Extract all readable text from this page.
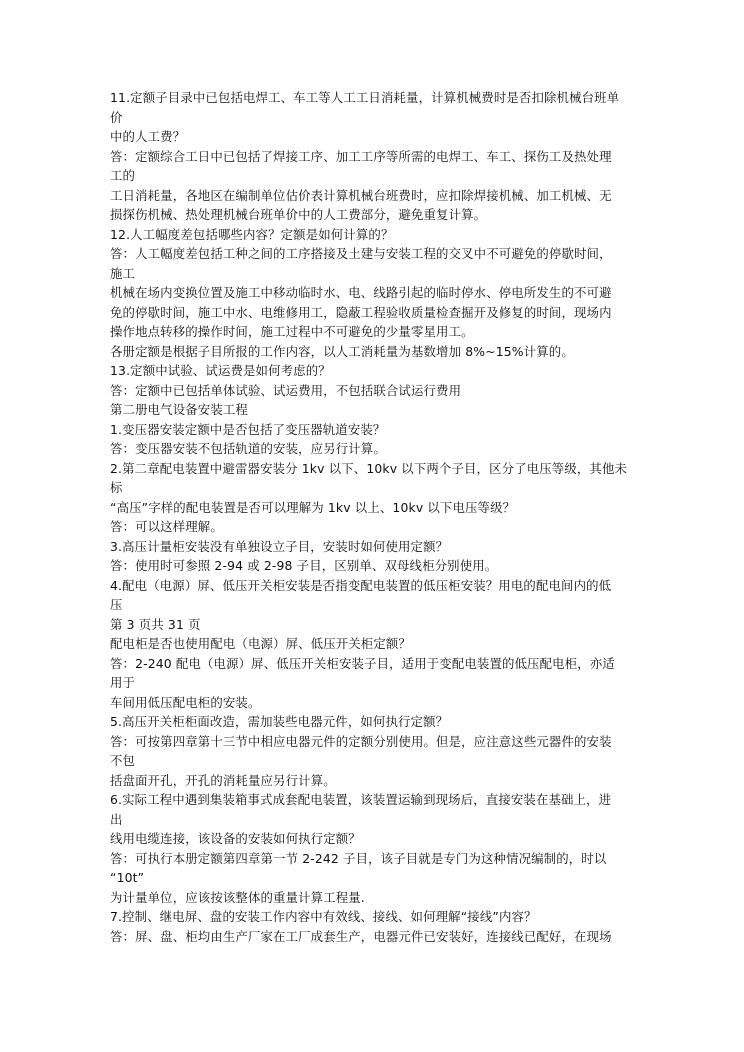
11.定额子目录中已包括电焊工、车工等人工工日消耗量，计算机械费时是否扣除机械台班单
价
中的人工费？
答：定额综合工日中已包括了焊接工序、加工工序等所需的电焊工、车工、探伤工及热处理
工的
工日消耗量，各地区在编制单位估价表计算机械台班费时，应扣除焊接机械、加工机械、无
损探伤机械、热处理机械台班单价中的人工费部分，避免重复计算。
12.人工幅度差包括哪些内容？定额是如何计算的？
答：人工幅度差包括工种之间的工序搭接及土建与安装工程的交叉中不可避免的停歇时间，
施工
机械在场内变换位置及施工中移动临时水、电、线路引起的临时停水、停电所发生的不可避
免的停歇时间，施工中水、电维修用工，隐蔽工程验收质量检查掘开及修复的时间，现场内
操作地点转移的操作时间，施工过程中不可避免的少量零星用工。
各册定额是根据子目所报的工作内容，以人工消耗量为基数增加 8%~15%计算的。
13.定额中试验、试运费是如何考虑的？
答：定额中已包括单体试验、试运费用，不包括联合试运行费用
第二册电气设备安装工程
1.变压器安装定额中是否包括了变压器轨道安装？
答：变压器安装不包括轨道的安装，应另行计算。
2.第二章配电装置中避雷器安装分 1kv 以下、10kv 以下两个子目，区分了电压等级，其他未
标
“高压”字样的配电装置是否可以理解为 1kv 以上、10kv 以下电压等级？
答：可以这样理解。
3.高压计量柜安装没有单独设立子目，安装时如何使用定额？
答：使用时可参照 2-94 或 2-98 子目，区别单、双母线柜分别使用。
4.配电（电源）屏、低压开关柜安装是否指变配电装置的低压柜安装？用电的配电间内的低
压
第 3 页共 31 页
配电柜是否也使用配电（电源）屏、低压开关柜定额？
答：2-240 配电（电源）屏、低压开关柜安装子目，适用于变配电装置的低压配电柜，亦适
用于
车间用低压配电柜的安装。
5.高压开关柜柜面改造，需加装些电器元件，如何执行定额？
答：可按第四章第十三节中相应电器元件的定额分别使用。但是，应注意这些元器件的安装
不包
括盘面开孔，开孔的消耗量应另行计算。
6.实际工程中遇到集装箱事式成套配电装置，该装置运输到现场后，直接安装在基础上，进
出
线用电缆连接，该设备的安装如何执行定额？
答：可执行本册定额第四章第一节 2-242 子目，该子目就是专门为这种情况编制的，时以
“10t”
为计量单位，应该按该整体的重量计算工程量.
7.控制、继电屏、盘的安装工作内容中有效线、接线、如何理解“接线”内容？
答：屏、盘、柜均由生产厂家在工厂成套生产，电器元件已安装好，连接线已配好，在现场
